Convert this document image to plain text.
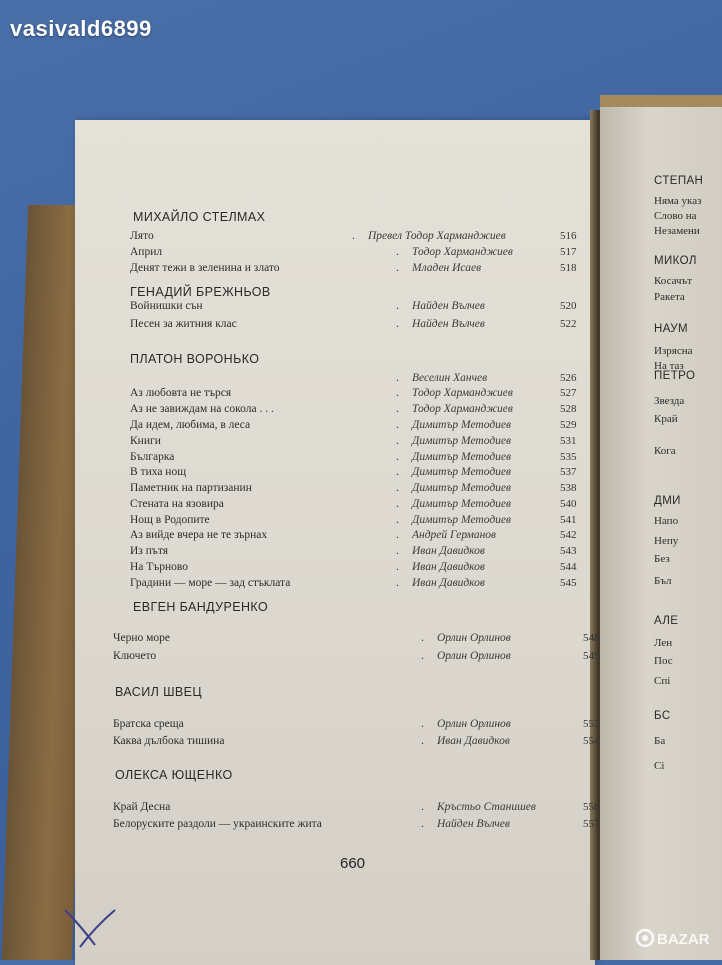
vasivald6899
МИХАЙЛО СТЕЛМАХ
Лято	. Превел Тодор Харманджиев	516
Април	. Тодор Харманджиев	517
Денят тежи в зеленина и злато	. Младен Исаев	518
ГЕНАДИЙ БРЕЖНЬОВ
Войнишки сън	. Найден Вълчев	520
Песен за житния клас	. Найден Вълчев	522
ПЛАТОН ВОРОНЬКО
. Веселин Ханчев	526
Аз любовта не търся	. Тодор Харманджиев	527
Аз не завиждам на сокола . . .	. Тодор Харманджиев	528
Да идем, любима, в леса	. Димитър Методиев	529
Книги	. Димитър Методиев	531
Българка	. Димитър Методиев	535
В тиха нощ	. Димитър Методиев	537
Паметник на партизанин	. Димитър Методиев	538
Стената на язовира	. Димитър Методиев	540
Нощ в Родопите	. Димитър Методиев	541
Аз вийде вчера не те зърнах	. Андрей Германов	542
Из пътя	. Иван Давидков	543
На Търново	. Иван Давидков	544
Градини — море — зад стъклата	. Иван Давидков	545
ЕВГЕН БАНДУРЕНКО
Черно море	. Орлин Орлинов	548
Ключето	. Орлин Орлинов	549
ВАСИЛ ШВЕЦ
Братска среща	. Орлин Орлинов	552
Каква дълбока тишина	. Иван Давидков	554
ОЛЕКСА ЮЩЕНКО
Край Десна	. Кръстьо Станишев	556
Белоруските раздоли — украинските жита	. Найден Вълчев	557
СТЕПАН
Няма указ
Слово на
Незамени
МИКОЛ
Косачът
Ракета
НАУМ
Изрясна
На таз
ПЕТРО
Звезда
Край
Кога
ДМИ
Напо
Непу
Без
Бъл
АЛЕ
Лен
Пос
Спі
БС
Ба
Сі
660
BAZAR
